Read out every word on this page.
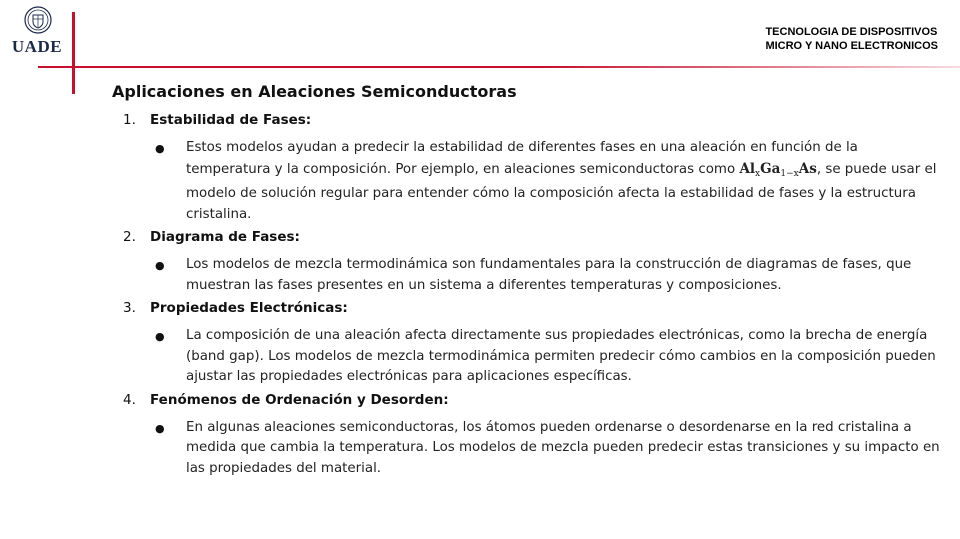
UADE
TECNOLOGIA DE DISPOSITIVOS
MICRO Y NANO ELECTRONICOS
Aplicaciones en Aleaciones Semiconductoras
1.	Estabilidad de Fases:
●	Estos modelos ayudan a predecir la estabilidad de diferentes fases en una aleación en función de la temperatura y la composición. Por ejemplo, en aleaciones semiconductoras como $Al_xGa_{1-x}As$, se puede usar el modelo de solución regular para entender cómo la composición afecta la estabilidad de fases y la estructura cristalina.
2.	Diagrama de Fases:
●	Los modelos de mezcla termodinámica son fundamentales para la construcción de diagramas de fases, que muestran las fases presentes en un sistema a diferentes temperaturas y composiciones.
3.	Propiedades Electrónicas:
●	La composición de una aleación afecta directamente sus propiedades electrónicas, como la brecha de energía (band gap). Los modelos de mezcla termodinámica permiten predecir cómo cambios en la composición pueden ajustar las propiedades electrónicas para aplicaciones específicas.
4.	Fenómenos de Ordenación y Desorden:
●	En algunas aleaciones semiconductoras, los átomos pueden ordenarse o desordenarse en la red cristalina a medida que cambia la temperatura. Los modelos de mezcla pueden predecir estas transiciones y su impacto en las propiedades del material.
